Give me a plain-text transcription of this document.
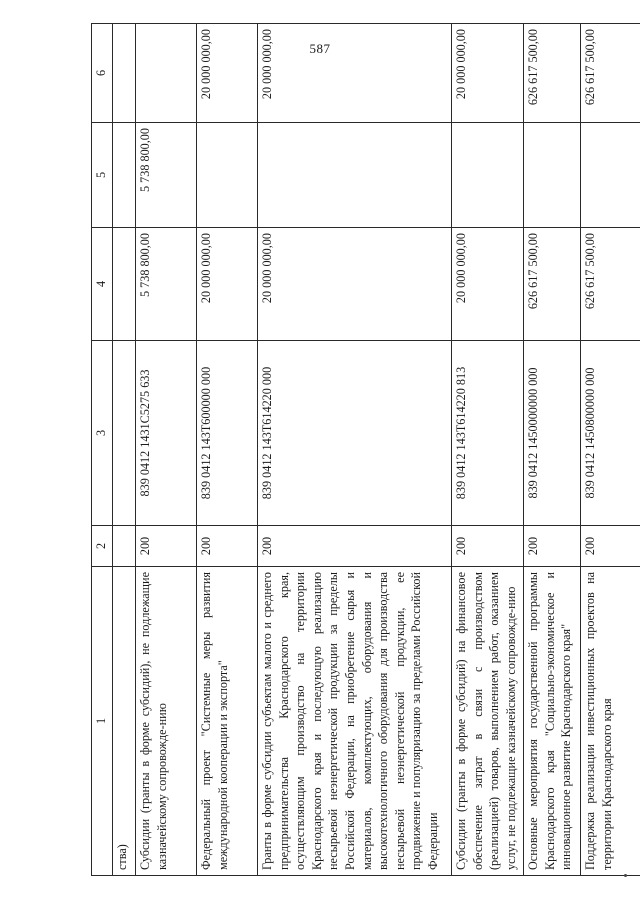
587
1	2	3	4	5	6
ства)					
Субсидии (гранты в форме субсидий), не подлежащие казначейскому сопровожде-нию	200	839 0412 1431С5275 633	5 738 800,00	5 738 800,00	
Федеральный проект "Системные меры развития международной кооперации и экспорта"	200	839 0412 143Т600000 000	20 000 000,00		20 000 000,00
Гранты в форме субсидии субъектам малого и среднего предпринимательства Краснодарского края, осуществляющим производство на территории Краснодарского края и последующую реализацию несырьевой неэнергетической продукции за пределы Российской Федерации, на приобретение сырья и материалов, комплектующих, оборудования и высокотехнологичного оборудования для производства несырьевой неэнергетической продукции, ее продвижение и популяризацию за пределами Российской Федерации	200	839 0412 143Т614220 000	20 000 000,00		20 000 000,00
Субсидии (гранты в форме субсидий) на финансовое обеспечение затрат в связи с производством (реализацией) товаров, выполнением работ, оказанием услуг, не подлежащие казначейскому сопровожде-нию	200	839 0412 143Т614220 813	20 000 000,00		20 000 000,00
Основные мероприятия государственной программы Краснодарского края "Социально-экономическое и инновационное развитие Краснодарского края"	200	839 0412 1450000000 000	626 617 500,00		626 617 500,00
Поддержка реализации инвестиционных проектов на территории Краснодарского края	200	839 0412 1450800000 000	626 617 500,00		626 617 500,00
